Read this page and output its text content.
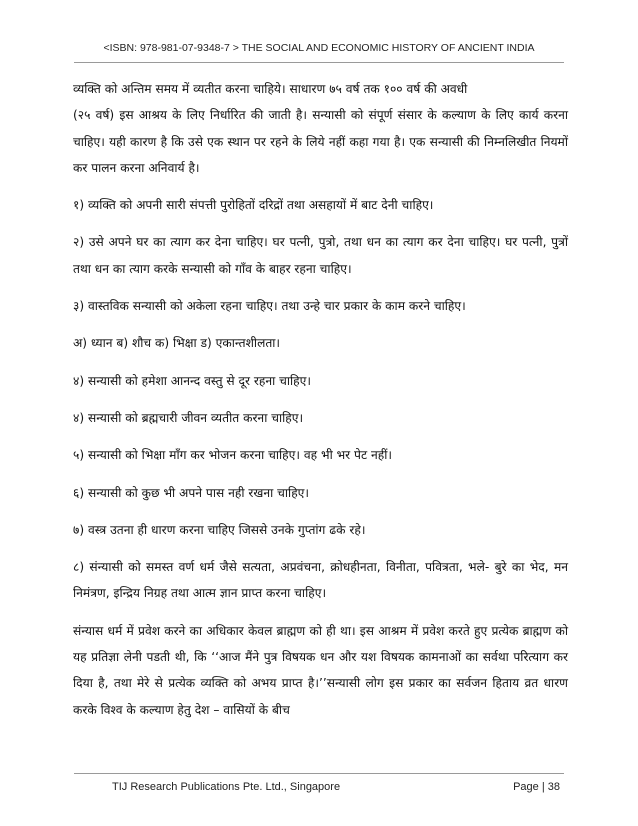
<ISBN: 978-981-07-9348-7 > THE SOCIAL AND ECONOMIC HISTORY OF ANCIENT INDIA

व्यक्ति को अन्तिम समय में व्यतीत करना चाहिये। साधारण ७५ वर्ष तक १०० वर्ष की अवधी

(२५ वर्ष) इस आश्रय के लिए निर्धारित की जाती है। सन्यासी को संपूर्ण संसार के कल्याण के लिए कार्य करना चाहिए। यही कारण है कि उसे एक स्थान पर रहने के लिये नहीं कहा गया है। एक सन्यासी की निम्नलिखीत नियमों कर पालन करना अनिवार्य है।

१) व्यक्ति को अपनी सारी संपत्ती पुरोहितों दरिद्रों तथा असहायों में बाट देनी चाहिए।

२) उसे अपने घर का त्याग कर देना चाहिए। घर पत्नी, पुत्रो, तथा धन का त्याग कर देना चाहिए। घर पत्नी, पुत्रों तथा धन का त्याग करके सन्यासी को गाँव के बाहर रहना चाहिए।

३) वास्तविक सन्यासी को अकेला रहना चाहिए। तथा उन्हे चार प्रकार के काम करने चाहिए।

अ) ध्यान ब) शौच क) भिक्षा ड) एकान्तशीलता।

४) सन्यासी को हमेशा आनन्द वस्तु से दूर रहना चाहिए।

४) सन्यासी को ब्रह्मचारी जीवन व्यतीत करना चाहिए।

५) सन्यासी को भिक्षा माँग कर भोजन करना चाहिए। वह भी भर पेट नहीं।

६) सन्यासी को कुछ भी अपने पास नही रखना चाहिए।

७) वस्त्र उतना ही धारण करना चाहिए जिससे उनके गुप्तांग ढके रहे।

८) संन्यासी को समस्त वर्ण धर्म जैसे सत्यता, अप्रवंचना, क्रोधहीनता, विनीता, पवित्रता, भले- बुरे का भेद, मन निमंत्रण, इन्द्रिय निग्रह तथा आत्म ज्ञान प्राप्त करना चाहिए।

संन्यास धर्म में प्रवेश करने का अधिकार केवल ब्राह्मण को ही था। इस आश्रम में प्रवेश करते हुए प्रत्येक ब्राह्मण को यह प्रतिज्ञा लेनी पडती थी, कि ‘‘आज मैंने पुत्र विषयक धन और यश विषयक कामनाओं का सर्वथा परित्याग कर दिया है, तथा मेरे से प्रत्येक व्यक्ति को अभय प्राप्त है।’’सन्यासी लोग इस प्रकार का सर्वजन हिताय व्रत धारण करके विश्व के कल्याण हेतु देश – वासियों के बीच

TIJ Research Publications Pte. Ltd., Singapore	Page | 38
